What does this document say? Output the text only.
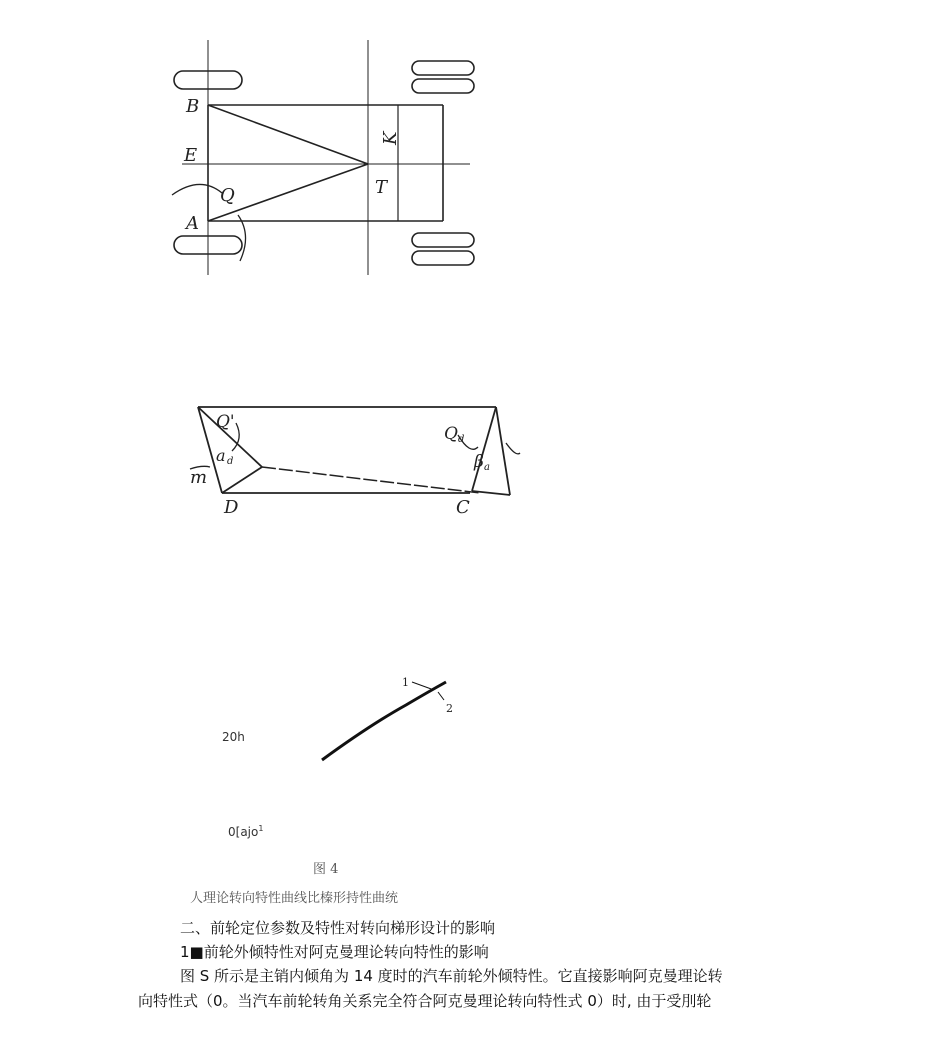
B
E
A
Q	T
K
Q'
a d
m
D	C
Q d
β a
1
2
20h
0[ajo$^1$
图 4
人理论转向特性曲线比榛形持性曲统
二、前轮定位参数及特性对转向梯形设计的影响
1■前轮外倾特性对阿克曼理论转向特性的影响
图 S 所示是主销内倾角为 14 度时的汽车前轮外倾特性。它直接影响阿克曼理论转
向特性式（0。当汽车前轮转角关系完全符合阿克曼理论转向特性式 0）时, 由于受刖轮
